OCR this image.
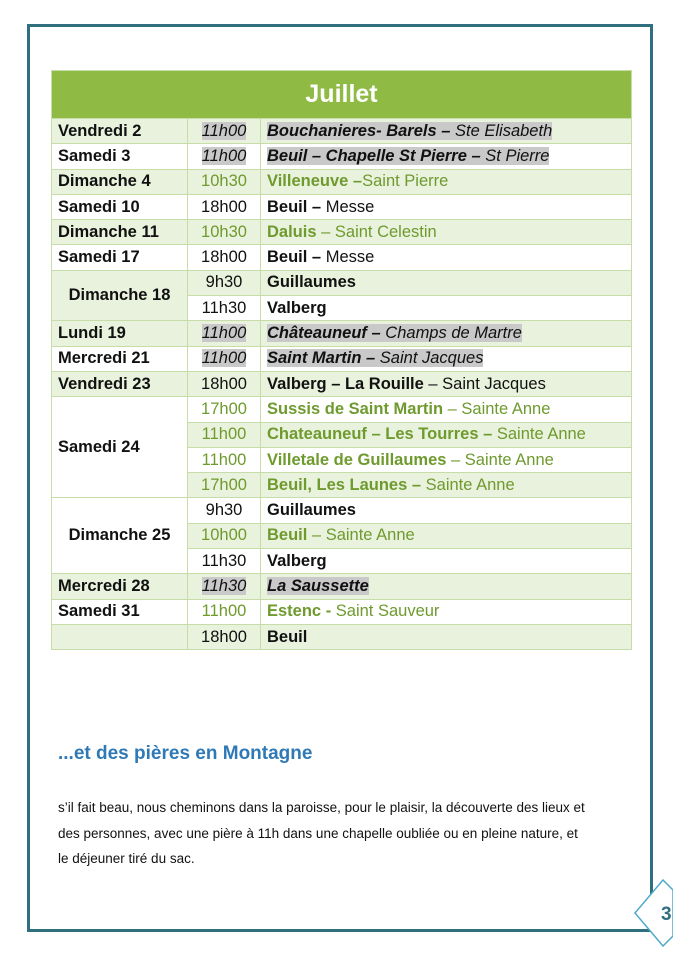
Juillet		
Vendredi 2	11h00	Bouchanieres- Barels – Ste Elisabeth
Samedi 3	11h00	Beuil – Chapelle St Pierre – St Pierre
Dimanche 4	10h30	Villeneuve –Saint Pierre
Samedi 10	18h00	Beuil – Messe
Dimanche 11	10h30	Daluis – Saint Celestin
Samedi 17	18h00	Beuil – Messe
Dimanche 18	9h30	Guillaumes
	11h30	Valberg
Lundi 19	11h00	Châteauneuf – Champs de Martre
Mercredi 21	11h00	Saint Martin – Saint Jacques
Vendredi 23	18h00	Valberg – La Rouille – Saint Jacques
Samedi 24	17h00	Sussis de Saint Martin – Sainte Anne
	11h00	Chateauneuf – Les Tourres – Sainte Anne
	11h00	Villetale de Guillaumes – Sainte Anne
	17h00	Beuil, Les Launes – Sainte Anne
Dimanche 25	9h30	Guillaumes
	10h00	Beuil – Sainte Anne
	11h30	Valberg
Mercredi 28	11h30	La Saussette
Samedi 31	11h00	Estenc - Saint Sauveur
	18h00	Beuil
...et des pières en Montagne
s’il fait beau, nous cheminons dans la paroisse, pour le plaisir, la découverte des lieux et
des personnes, avec une pière à 11h dans une chapelle oubliée ou en pleine nature, et
le déjeuner tiré du sac.
3
